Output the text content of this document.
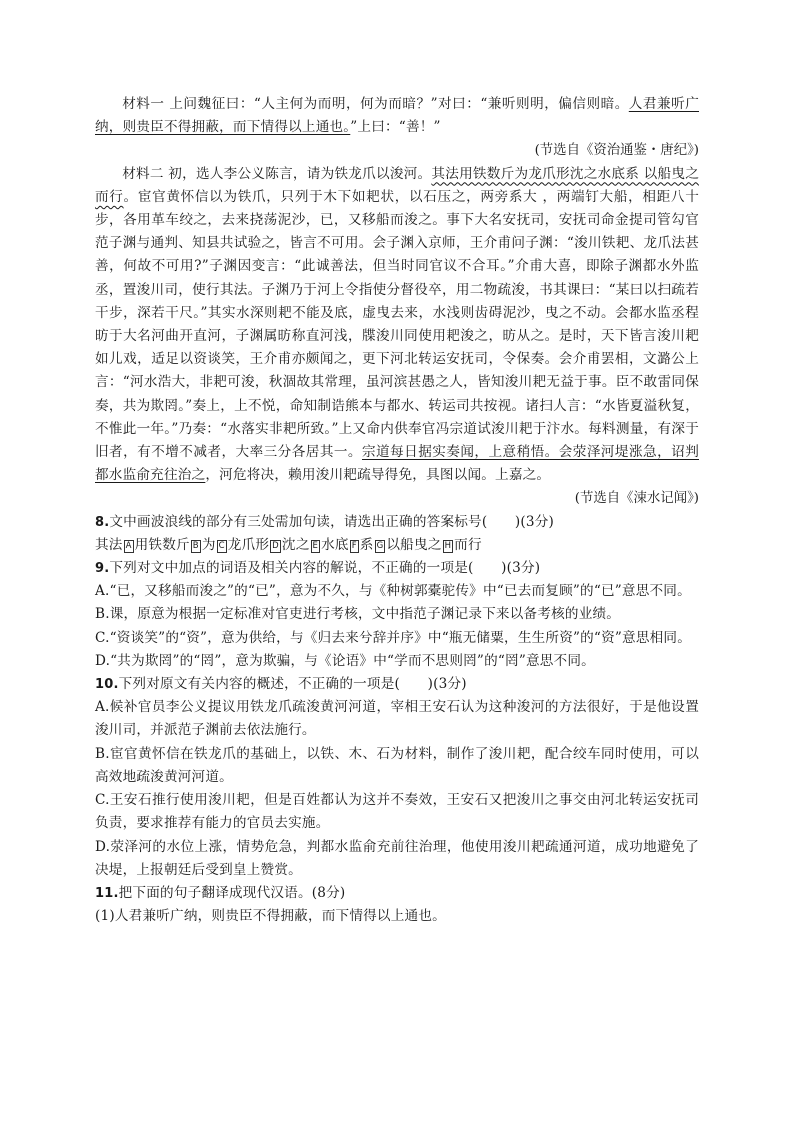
材料一 上问魏征曰：“人主何为而明，何为而暗？”对曰：“兼听则明，偏信则暗。人君兼听广纳，则贵臣不得拥蔽，而下情得以上通也。”上曰：“善！”

(节选自《资治通鉴・唐纪》)

材料二 初，选人李公义陈言，请为铁龙爪以浚河。其法用铁数斤为龙爪形沈之水底系 以船曳之而行。宦官黄怀信以为铁爪，只列于木下如耙状，以石压之，两旁系大 ，两端钉大船，相距八十步，各用革车绞之，去来挠荡泥沙，已，又移船而浚之。事下大名安抚司，安抚司命金提司管勾官范子渊与通判、知县共试验之，皆言不可用。会子渊入京师，王介甫问子渊：“浚川铁耙、龙爪法甚善，何故不可用?”子渊因变言：“此诚善法，但当时同官议不合耳。”介甫大喜，即除子渊都水外监丞，置浚川司，使行其法。子渊乃于河上令指使分督役卒，用二物疏浚，书其课曰：“某曰以扫疏若干步，深若干尺。”其实水深则耙不能及底，虚曳去来，水浅则齿碍泥沙，曳之不动。会都水监丞程昉于大名河曲开直河，子渊属昉称直河浅，牒浚川同使用耙浚之，昉从之。是时，天下皆言浚川耙如儿戏，适足以资谈笑，王介甫亦颇闻之，更下河北转运安抚司，令保奏。会介甫罢相，文潞公上言：“河水浩大，非耙可浚，秋涸故其常理，虽河滨甚愚之人，皆知浚川耙无益于事。臣不敢雷同保奏，共为欺罔。”奏上，上不悦，命知制诰熊本与都水、转运司共按视。诸扫人言：“水皆夏溢秋复，不惟此一年。”乃奏：“水落实非耙所致。”上又命内供奉官冯宗道试浚川耙于汴水。每料测量，有深于旧者，有不增不减者，大率三分各居其一。宗道每日据实奏闻，上意稍悟。会荥泽河堤涨急，诏判都水监俞充往治之，河危将决，赖用浚川耙疏导得免，具图以闻。上嘉之。

(节选自《涑水记闻》)

8.文中画波浪线的部分有三处需加句读，请选出正确的答案标号(　　)(3分)

其法 A 用铁数斤 B 为 C 龙爪形 D 沈之 E 水底 F 系 G 以船曳之 H 而行

9.下列对文中加点的词语及相关内容的解说，不正确的一项是(　　)(3分)

A.“已，又移船而浚之”的“已”，意为不久，与《种树郭橐驼传》中“已去而复顾”的“已”意思不同。

B.课，原意为根据一定标准对官吏进行考核，文中指范子渊记录下来以备考核的业绩。

C.“资谈笑”的“资”，意为供给，与《归去来兮辞并序》中“瓶无储粟，生生所资”的“资”意思相同。

D.“共为欺罔”的“罔”，意为欺骗，与《论语》中“学而不思则罔”的“罔”意思不同。

10.下列对原文有关内容的概述，不正确的一项是(　　)(3分)

A.候补官员李公义提议用铁龙爪疏浚黄河河道，宰相王安石认为这种浚河的方法很好，于是他设置浚川司，并派范子渊前去依法施行。

B.宦官黄怀信在铁龙爪的基础上，以铁、木、石为材料，制作了浚川耙，配合绞车同时使用，可以高效地疏浚黄河河道。

C.王安石推行使用浚川耙，但是百姓都认为这并不奏效，王安石又把浚川之事交由河北转运安抚司负责，要求推荐有能力的官员去实施。

D.荥泽河的水位上涨，情势危急，判都水监俞充前往治理，他使用浚川耙疏通河道，成功地避免了决堤，上报朝廷后受到皇上赞赏。

11.把下面的句子翻译成现代汉语。(8分)

(1)人君兼听广纳，则贵臣不得拥蔽，而下情得以上通也。
